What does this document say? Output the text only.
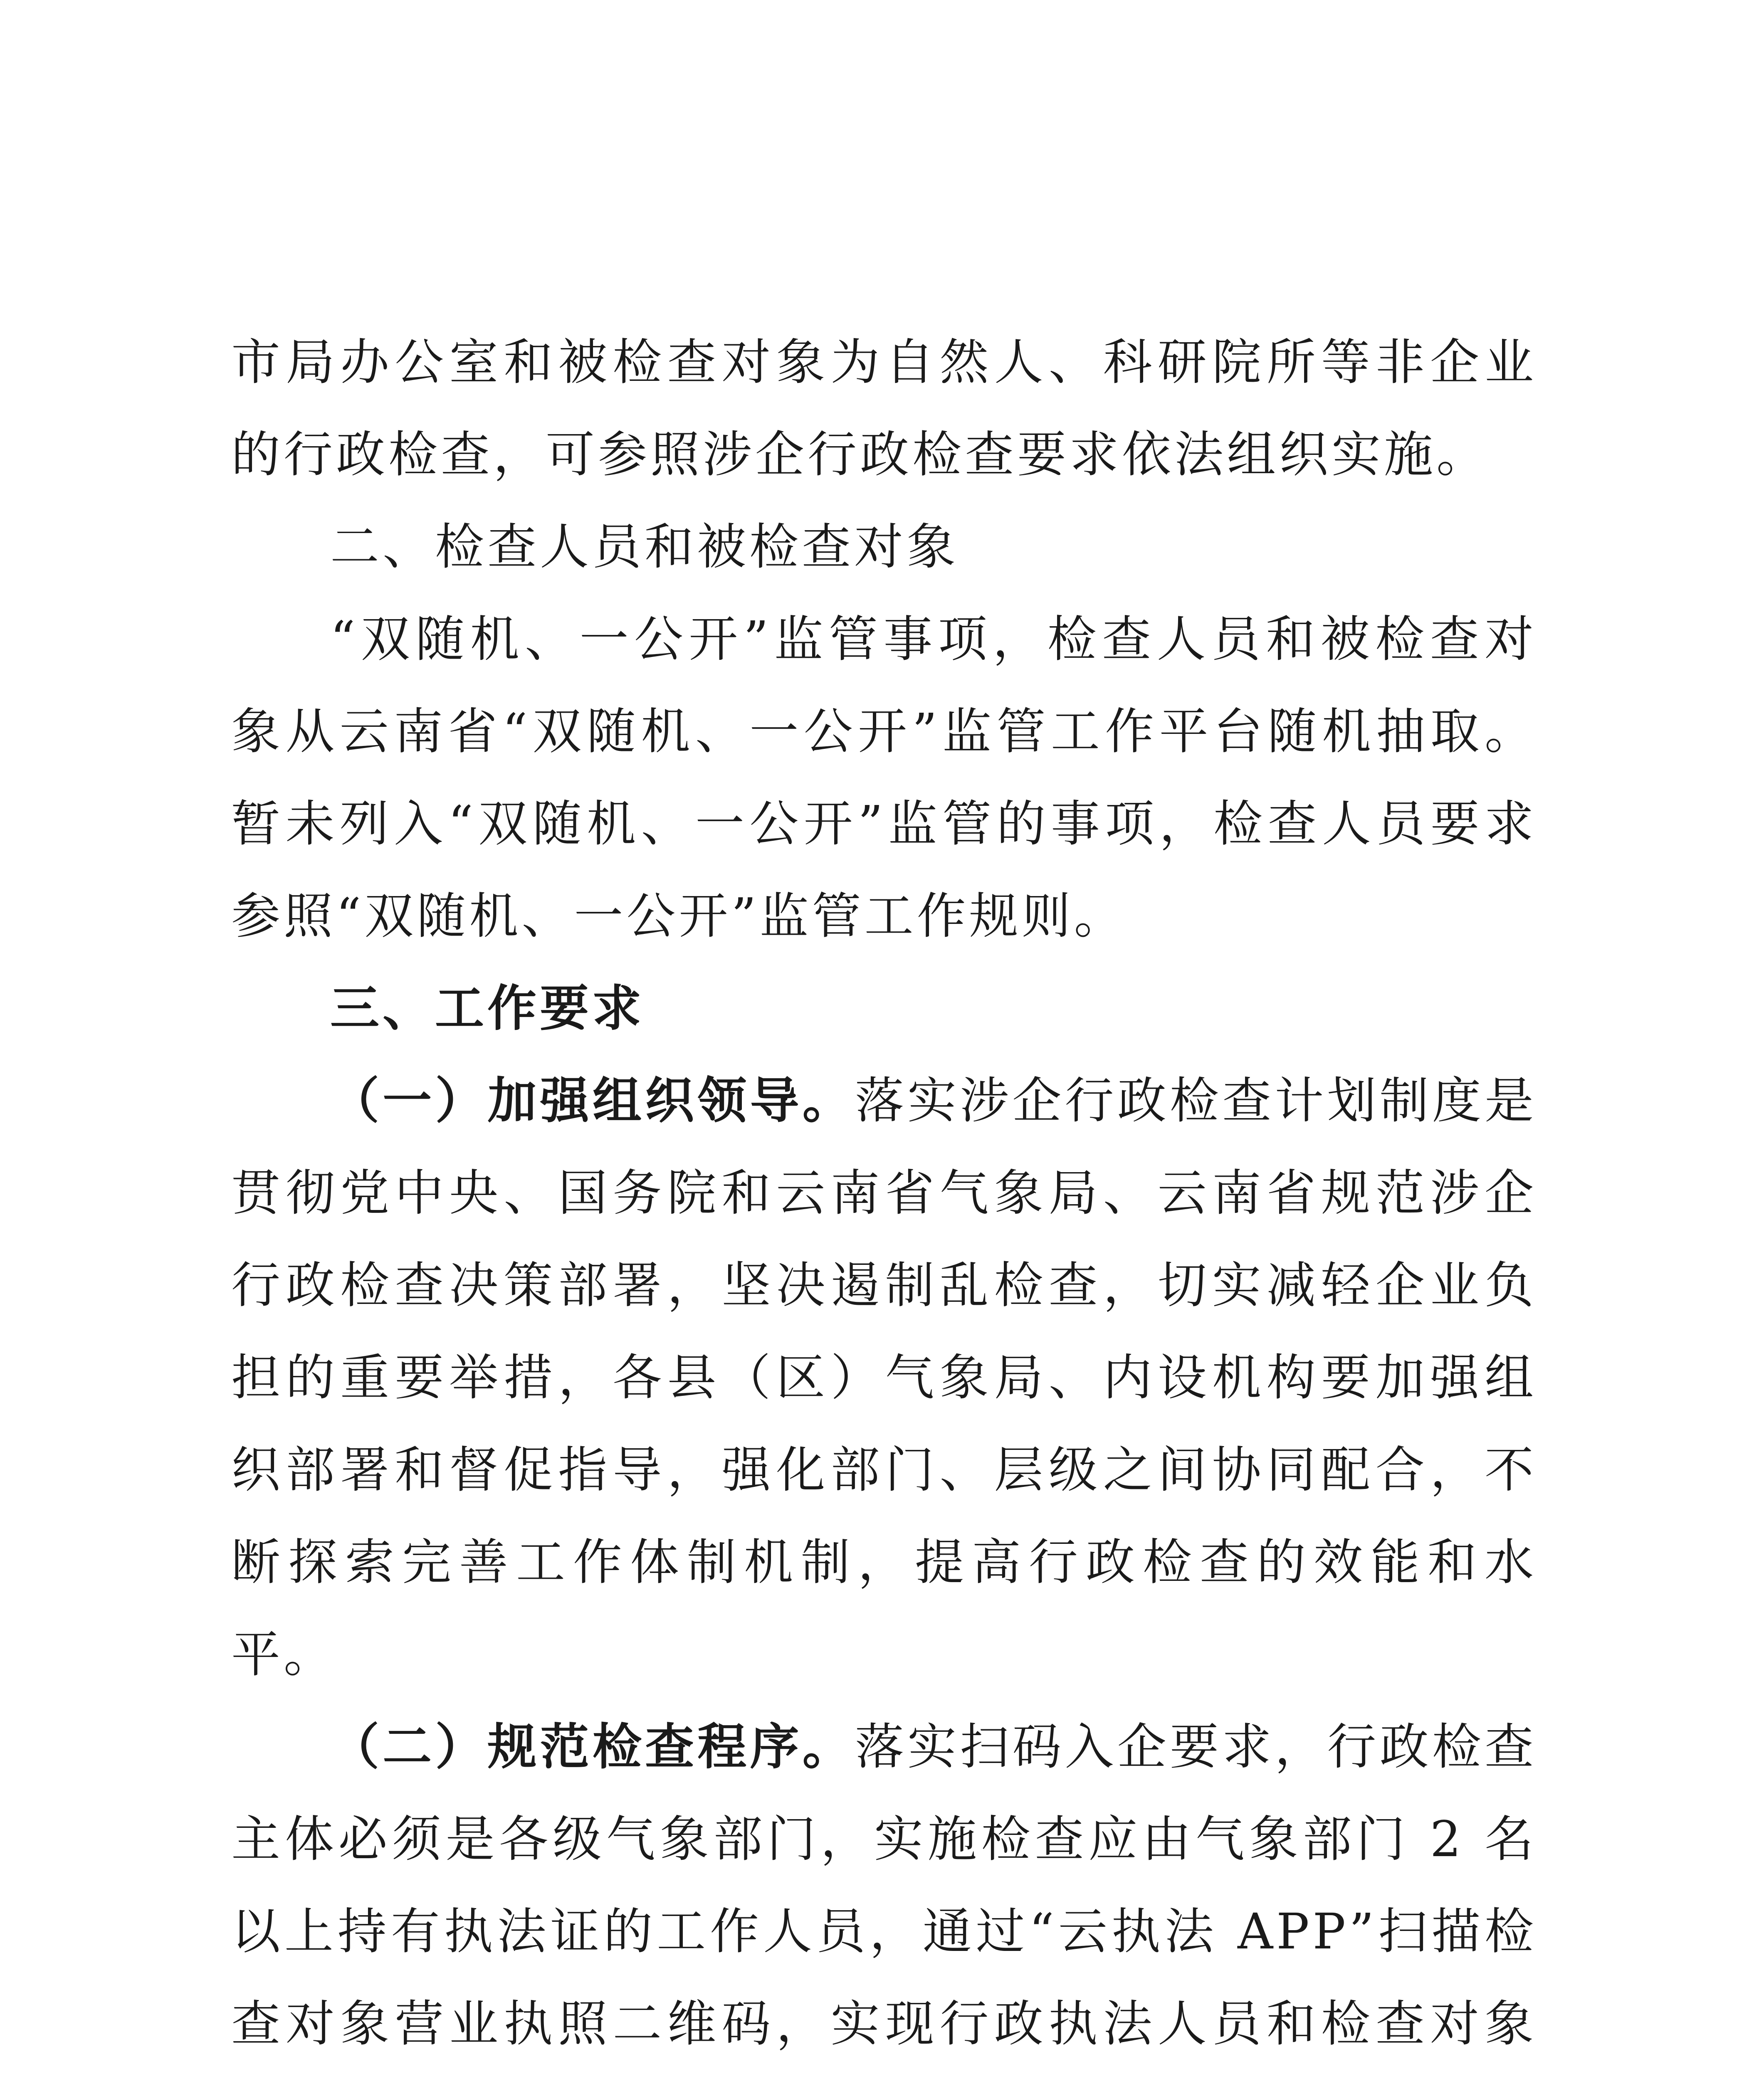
市局办公室和被检查对象为自然人、科研院所等非企业的行政检查，可参照涉企行政检查要求依法组织实施。

二、检查人员和被检查对象

“双随机、一公开”监管事项，检查人员和被检查对象从云南省“双随机、一公开”监管工作平台随机抽取。暂未列入“双随机、一公开”监管的事项，检查人员要求参照“双随机、一公开”监管工作规则。

三、工作要求

（一）加强组织领导。落实涉企行政检查计划制度是贯彻党中央、国务院和云南省气象局、云南省规范涉企行政检查决策部署，坚决遏制乱检查，切实减轻企业负担的重要举措，各县（区）气象局、内设机构要加强组织部署和督促指导，强化部门、层级之间协同配合，不断探索完善工作体制机制，提高行政检查的效能和水平。

（二）规范检查程序。落实扫码入企要求，行政检查主体必须是各级气象部门，实施检查应由气象部门 2 名以上持有执法证的工作人员，通过“云执法 APP”扫描检查对象营业执照二维码，实现行政执法人员和检查对象
